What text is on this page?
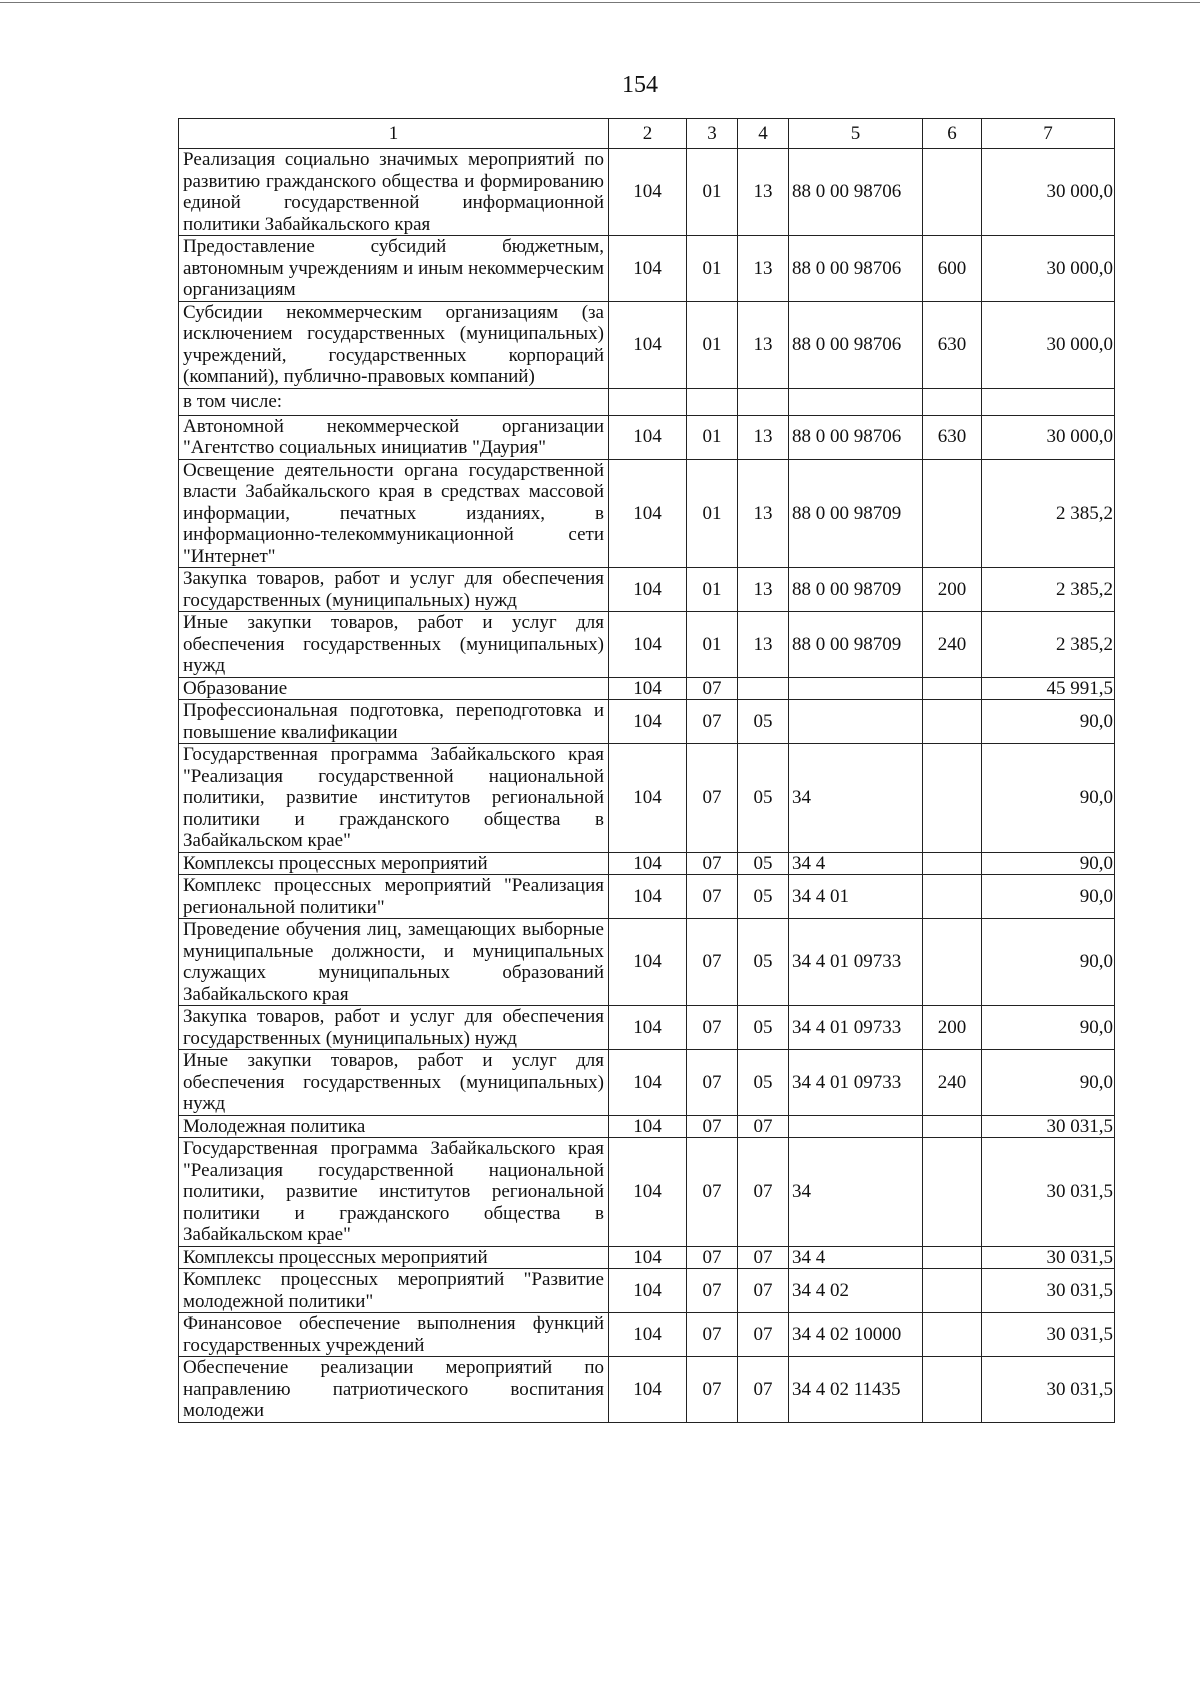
154
1	2	3	4	5	6	7
Реализация социально значимых мероприятий по развитию гражданского общества и формированию единой государственной информационной политики Забайкальского края	104	01	13	88 0 00 98706		30 000,0
Предоставление субсидий бюджетным, автономным учреждениям и иным некоммерческим организациям	104	01	13	88 0 00 98706	600	30 000,0
Субсидии некоммерческим организациям (за исключением государственных (муниципальных) учреждений, государственных корпораций (компаний), публично-правовых компаний)	104	01	13	88 0 00 98706	630	30 000,0
в том числе:						
Автономной некоммерческой организации "Агентство социальных инициатив "Даурия"	104	01	13	88 0 00 98706	630	30 000,0
Освещение деятельности органа государственной власти Забайкальского края в средствах массовой информации, печатных изданиях, в информационно-телекоммуникационной сети "Интернет"	104	01	13	88 0 00 98709		2 385,2
Закупка товаров, работ и услуг для обеспечения государственных (муниципальных) нужд	104	01	13	88 0 00 98709	200	2 385,2
Иные закупки товаров, работ и услуг для обеспечения государственных (муниципальных) нужд	104	01	13	88 0 00 98709	240	2 385,2
Образование	104	07				45 991,5
Профессиональная подготовка, переподготовка и повышение квалификации	104	07	05			90,0
Государственная программа Забайкальского края "Реализация государственной национальной политики, развитие институтов региональной политики и гражданского общества в Забайкальском крае"	104	07	05	34		90,0
Комплексы процессных мероприятий	104	07	05	34 4		90,0
Комплекс процессных мероприятий "Реализация региональной политики"	104	07	05	34 4 01		90,0
Проведение обучения лиц, замещающих выборные муниципальные должности, и муниципальных служащих муниципальных образований Забайкальского края	104	07	05	34 4 01 09733		90,0
Закупка товаров, работ и услуг для обеспечения государственных (муниципальных) нужд	104	07	05	34 4 01 09733	200	90,0
Иные закупки товаров, работ и услуг для обеспечения государственных (муниципальных) нужд	104	07	05	34 4 01 09733	240	90,0
Молодежная политика	104	07	07			30 031,5
Государственная программа Забайкальского края "Реализация государственной национальной политики, развитие институтов региональной политики и гражданского общества в Забайкальском крае"	104	07	07	34		30 031,5
Комплексы процессных мероприятий	104	07	07	34 4		30 031,5
Комплекс процессных мероприятий "Развитие молодежной политики"	104	07	07	34 4 02		30 031,5
Финансовое обеспечение выполнения функций государственных учреждений	104	07	07	34 4 02 10000		30 031,5
Обеспечение реализации мероприятий по направлению патриотического воспитания молодежи	104	07	07	34 4 02 11435		30 031,5
